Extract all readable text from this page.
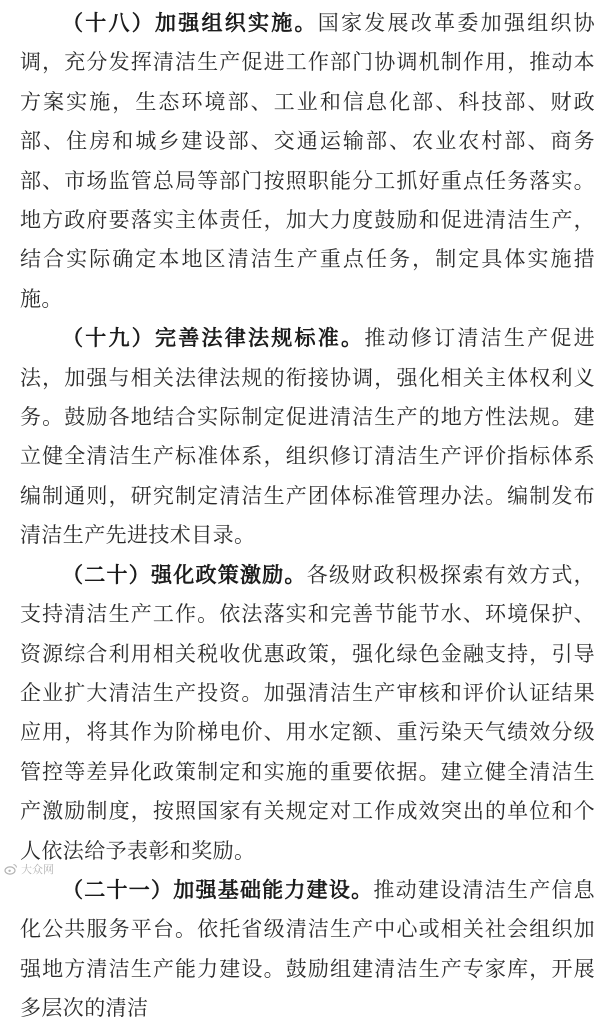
（十八）加强组织实施。国家发展改革委加强组织协调，充分发挥清洁生产促进工作部门协调机制作用，推动本方案实施，生态环境部、工业和信息化部、科技部、财政部、住房和城乡建设部、交通运输部、农业农村部、商务部、市场监管总局等部门按照职能分工抓好重点任务落实。地方政府要落实主体责任，加大力度鼓励和促进清洁生产，结合实际确定本地区清洁生产重点任务，制定具体实施措施。

（十九）完善法律法规标准。推动修订清洁生产促进法，加强与相关法律法规的衔接协调，强化相关主体权利义务。鼓励各地结合实际制定促进清洁生产的地方性法规。建立健全清洁生产标准体系，组织修订清洁生产评价指标体系编制通则，研究制定清洁生产团体标准管理办法。编制发布清洁生产先进技术目录。

（二十）强化政策激励。各级财政积极探索有效方式，支持清洁生产工作。依法落实和完善节能节水、环境保护、资源综合利用相关税收优惠政策，强化绿色金融支持，引导企业扩大清洁生产投资。加强清洁生产审核和评价认证结果应用，将其作为阶梯电价、用水定额、重污染天气绩效分级管控等差异化政策制定和实施的重要依据。建立健全清洁生产激励制度，按照国家有关规定对工作成效突出的单位和个人依法给予表彰和奖励。

（二十一）加强基础能力建设。推动建设清洁生产信息化公共服务平台。依托省级清洁生产中心或相关社会组织加强地方清洁生产能力建设。鼓励组建清洁生产专家库，开展多层次的清洁

大众网
